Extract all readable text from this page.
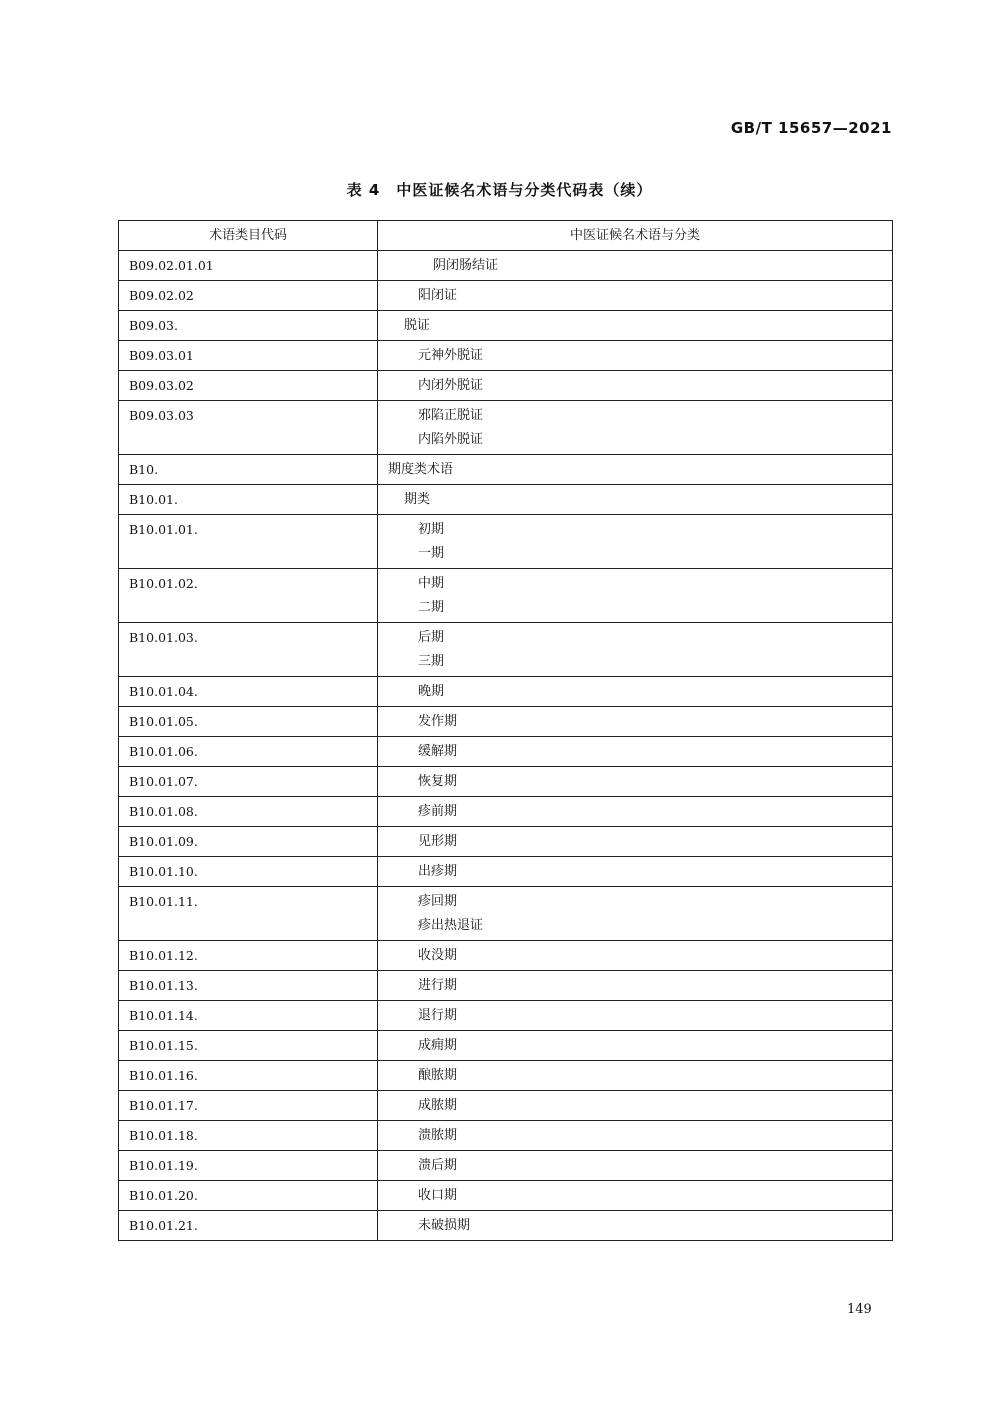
GB/T 15657—2021
表 4　中医证候名术语与分类代码表（续）
术语类目代码	中医证候名术语与分类
B09.02.01.01	阴闭肠结证

B09.02.02	阳闭证

B09.03.	脱证

B09.03.01	元神外脱证

B09.03.02	内闭外脱证

B09.03.03	邪陷正脱证
内陷外脱证

B10.	期度类术语

B10.01.	期类

B10.01.01.	初期
一期

B10.01.02.	中期
二期

B10.01.03.	后期
三期

B10.01.04.	晚期

B10.01.05.	发作期

B10.01.06.	缓解期

B10.01.07.	恢复期

B10.01.08.	疹前期

B10.01.09.	见形期

B10.01.10.	出疹期

B10.01.11.	疹回期
疹出热退证

B10.01.12.	收没期

B10.01.13.	进行期

B10.01.14.	退行期

B10.01.15.	成痈期

B10.01.16.	酿脓期

B10.01.17.	成脓期

B10.01.18.	溃脓期

B10.01.19.	溃后期

B10.01.20.	收口期

B10.01.21.	未破损期
149
